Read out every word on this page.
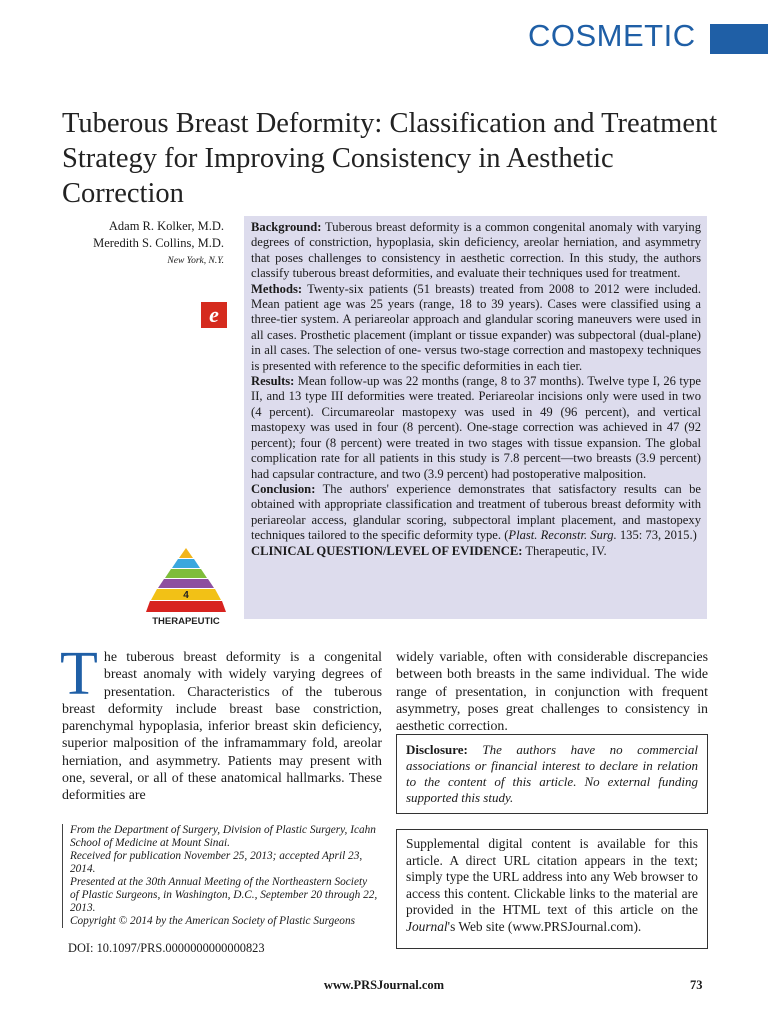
COSMETIC
Tuberous Breast Deformity: Classification and Treatment Strategy for Improving Consistency in Aesthetic Correction
Adam R. Kolker, M.D.
Meredith S. Collins, M.D.
New York, N.Y.
e
4
THERAPEUTIC

Background: Tuberous breast deformity is a common congenital anomaly with varying degrees of constriction, hypoplasia, skin deficiency, areolar herniation, and asymmetry that poses challenges to consistency in aesthetic correction. In this study, the authors classify tuberous breast deformities, and evaluate their techniques used for treatment.

Methods: Twenty-six patients (51 breasts) treated from 2008 to 2012 were included. Mean patient age was 25 years (range, 18 to 39 years). Cases were classified using a three-tier system. A periareolar approach and glandular scoring maneuvers were used in all cases. Prosthetic placement (implant or tissue expander) was subpectoral (dual-plane) in all cases. The selection of one- versus two-stage correction and mastopexy techniques is presented with reference to the specific deformities in each tier.

Results: Mean follow-up was 22 months (range, 8 to 37 months). Twelve type I, 26 type II, and 13 type III deformities were treated. Periareolar incisions only were used in two (4 percent). Circumareolar mastopexy was used in 49 (96 percent), and vertical mastopexy was used in four (8 percent). One-stage correction was achieved in 47 (92 percent); four (8 percent) were treated in two stages with tissue expansion. The global complication rate for all patients in this study is 7.8 percent—two breasts (3.9 percent) had capsular contracture, and two (3.9 percent) had postoperative malposition.

Conclusion: The authors' experience demonstrates that satisfactory results can be obtained with appropriate classification and treatment of tuberous breast deformity with periareolar access, glandular scoring, subpectoral implant placement, and mastopexy techniques tailored to the specific deformity type. (Plast. Reconstr. Surg. 135: 73, 2015.)

CLINICAL QUESTION/LEVEL OF EVIDENCE: Therapeutic, IV.

The tuberous breast deformity is a congenital breast anomaly with widely varying degrees of presentation. Characteristics of the tuberous breast deformity include breast base constriction, parenchymal hypoplasia, inferior breast skin deficiency, superior malposition of the inframammary fold, areolar herniation, and asymmetry. Patients may present with one, several, or all of these anatomical hallmarks. These deformities are
widely variable, often with considerable discrepancies between both breasts in the same individual. The wide range of presentation, in conjunction with frequent asymmetry, poses great challenges to consistency in aesthetic correction.
Disclosure: The authors have no commercial associations or financial interest to declare in relation to the content of this article. No external funding supported this study.
Supplemental digital content is available for this article. A direct URL citation appears in the text; simply type the URL address into any Web browser to access this content. Clickable links to the material are provided in the HTML text of this article on the Journal's Web site (www.PRSJournal.com).

From the Department of Surgery, Division of Plastic Surgery, Icahn School of Medicine at Mount Sinai.

Received for publication November 25, 2013; accepted April 23, 2014.

Presented at the 30th Annual Meeting of the Northeastern Society of Plastic Surgeons, in Washington, D.C., September 20 through 22, 2013.

Copyright © 2014 by the American Society of Plastic Surgeons

DOI: 10.1097/PRS.0000000000000823
www.PRSJournal.com	73
